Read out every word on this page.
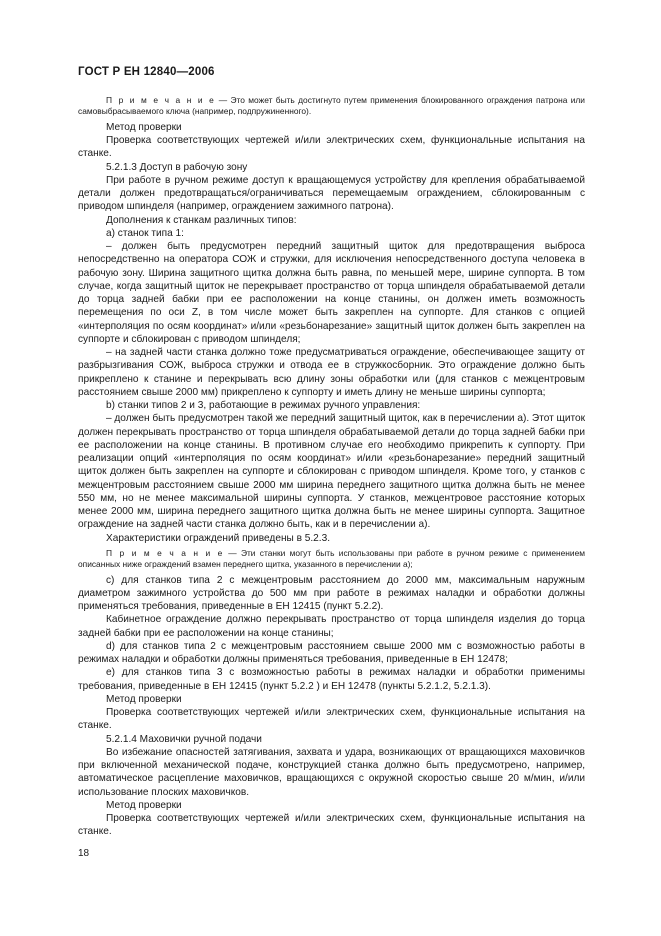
ГОСТ Р ЕН 12840—2006

П р и м е ч а н и е — Это может быть достигнуто путем применения блокированного ограждения патрона или самовыбрасываемого ключа (например, подпружиненного).

Метод проверки

Проверка соответствующих чертежей и/или электрических схем, функциональные испытания на станке.

5.2.1.3 Доступ в рабочую зону

При работе в ручном режиме доступ к вращающемуся устройству для крепления обрабатываемой детали должен предотвращаться/ограничиваться перемещаемым ограждением, сблокированным с приводом шпинделя (например, ограждением зажимного патрона).

Дополнения к станкам различных типов:

а) станок типа 1:

– должен быть предусмотрен передний защитный щиток для предотвращения выброса непосредственно на оператора СОЖ и стружки, для исключения непосредственного доступа человека в рабочую зону. Ширина защитного щитка должна быть равна, по меньшей мере, ширине суппорта. В том случае, когда защитный щиток не перекрывает пространство от торца шпинделя обрабатываемой детали до торца задней бабки при ее расположении на конце станины, он должен иметь возможность перемещения по оси Z, в том числе может быть закреплен на суппорте. Для станков с опцией «интерполяция по осям координат» и/или «резьбонарезание» защитный щиток должен быть закреплен на суппорте и сблокирован с приводом шпинделя;

– на задней части станка должно тоже предусматриваться ограждение, обеспечивающее защиту от разбрызгивания СОЖ, выброса стружки и отвода ее в стружкосборник. Это ограждение должно быть прикреплено к станине и перекрывать всю длину зоны обработки или (для станков с межцентровым расстоянием свыше 2000 мм) прикреплено к суппорту и иметь длину не меньше ширины суппорта;

b) станки типов 2 и 3, работающие в режимах ручного управления:

– должен быть предусмотрен такой же передний защитный щиток, как в перечислении а). Этот щиток должен перекрывать пространство от торца шпинделя обрабатываемой детали до торца задней бабки при ее расположении на конце станины. В противном случае его необходимо прикрепить к суппорту. При реализации опций «интерполяция по осям координат» и/или «резьбонарезание» передний защитный щиток должен быть закреплен на суппорте и сблокирован с приводом шпинделя. Кроме того, у станков с межцентровым расстоянием свыше 2000 мм ширина переднего защитного щитка должна быть не менее 550 мм, но не менее максимальной ширины суппорта. У станков, межцентровое расстояние которых менее 2000 мм, ширина переднего защитного щитка должна быть не менее ширины суппорта. Защитное ограждение на задней части станка должно быть, как и в перечислении а).

Характеристики ограждений приведены в 5.2.3.

П р и м е ч а н и е — Эти станки могут быть использованы при работе в ручном режиме с применением описанных ниже ограждений взамен переднего щитка, указанного в перечислении а);

с) для станков типа 2 с межцентровым расстоянием до 2000 мм, максимальным наружным диаметром зажимного устройства до 500 мм при работе в режимах наладки и обработки должны применяться требования, приведенные в ЕН 12415 (пункт 5.2.2).

Кабинетное ограждение должно перекрывать пространство от торца шпинделя изделия до торца задней бабки при ее расположении на конце станины;

d) для станков типа 2 с межцентровым расстоянием свыше 2000 мм с возможностью работы в режимах наладки и обработки должны применяться требования, приведенные в ЕН 12478;

е) для станков типа 3 с возможностью работы в режимах наладки и обработки применимы требования, приведенные в ЕН 12415 (пункт 5.2.2 ) и ЕН 12478 (пункты 5.2.1.2, 5.2.1.3).

Метод проверки

Проверка соответствующих чертежей и/или электрических схем, функциональные испытания на станке.

5.2.1.4 Маховички ручной подачи

Во избежание опасностей затягивания, захвата и удара, возникающих от вращающихся маховичков при включенной механической подаче, конструкцией станка должно быть предусмотрено, например, автоматическое расцепление маховичков, вращающихся с окружной скоростью свыше 20 м/мин, и/или использование плоских маховичков.

Метод проверки

Проверка соответствующих чертежей и/или электрических схем, функциональные испытания на станке.

18
